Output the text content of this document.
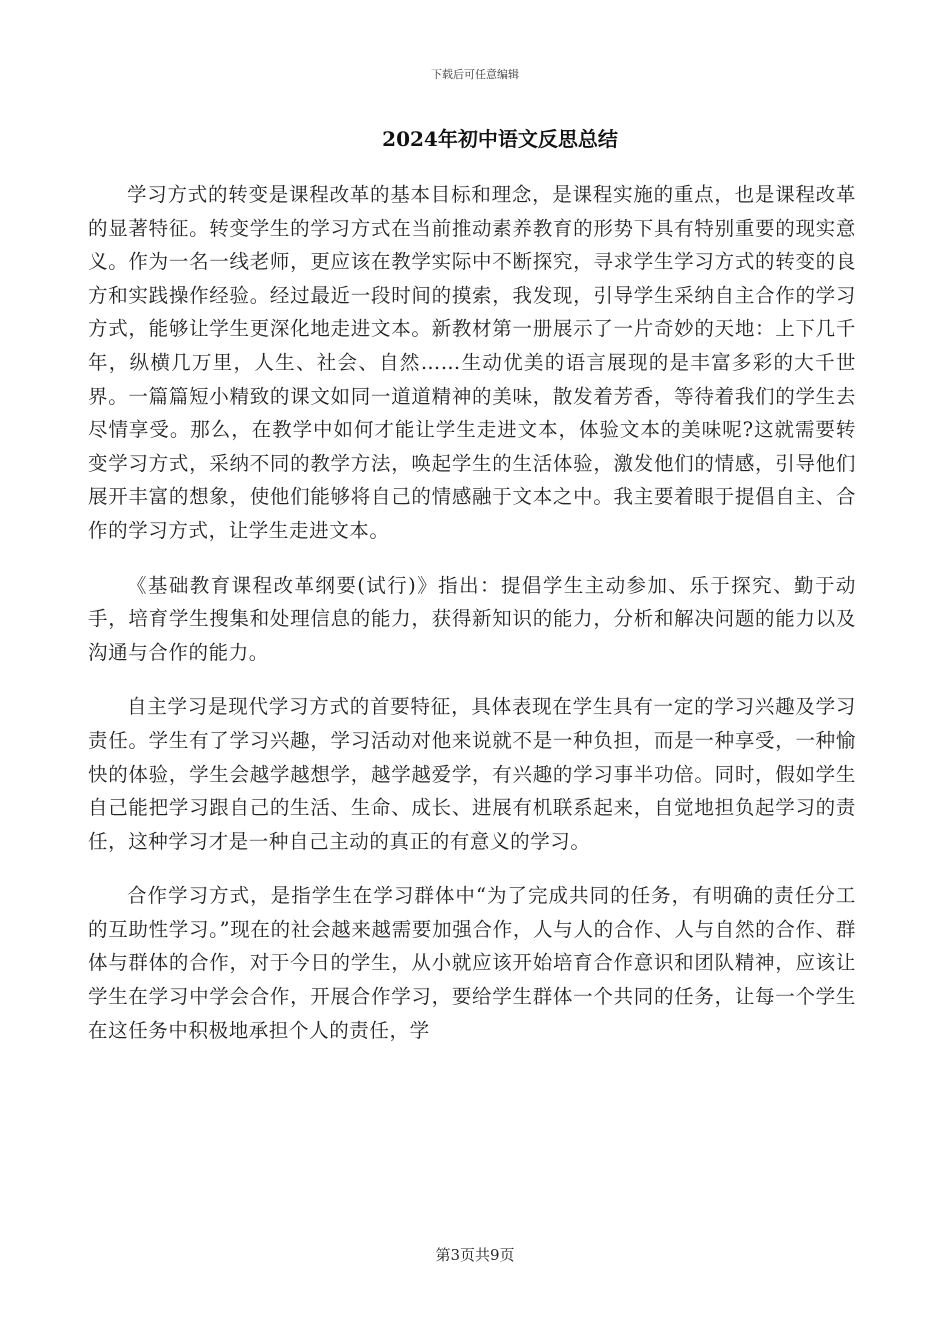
下载后可任意编辑
2024年初中语文反思总结

学习方式的转变是课程改革的基本目标和理念，是课程实施的重点，也是课程改革的显著特征。转变学生的学习方式在当前推动素养教育的形势下具有特别重要的现实意义。作为一名一线老师，更应该在教学实际中不断探究，寻求学生学习方式的转变的良方和实践操作经验。经过最近一段时间的摸索，我发现，引导学生采纳自主合作的学习方式，能够让学生更深化地走进文本。新教材第一册展示了一片奇妙的天地：上下几千年，纵横几万里，人生、社会、自然……生动优美的语言展现的是丰富多彩的大千世界。一篇篇短小精致的课文如同一道道精神的美味，散发着芳香，等待着我们的学生去尽情享受。那么，在教学中如何才能让学生走进文本，体验文本的美味呢?这就需要转变学习方式，采纳不同的教学方法，唤起学生的生活体验，激发他们的情感，引导他们展开丰富的想象，使他们能够将自己的情感融于文本之中。我主要着眼于提倡自主、合作的学习方式，让学生走进文本。

《基础教育课程改革纲要(试行)》指出：提倡学生主动参加、乐于探究、勤于动手，培育学生搜集和处理信息的能力，获得新知识的能力，分析和解决问题的能力以及沟通与合作的能力。

自主学习是现代学习方式的首要特征，具体表现在学生具有一定的学习兴趣及学习责任。学生有了学习兴趣，学习活动对他来说就不是一种负担，而是一种享受，一种愉快的体验，学生会越学越想学，越学越爱学，有兴趣的学习事半功倍。同时，假如学生自己能把学习跟自己的生活、生命、成长、进展有机联系起来，自觉地担负起学习的责任，这种学习才是一种自己主动的真正的有意义的学习。

合作学习方式，是指学生在学习群体中“为了完成共同的任务，有明确的责任分工的互助性学习。”现在的社会越来越需要加强合作，人与人的合作、人与自然的合作、群体与群体的合作，对于今日的学生，从小就应该开始培育合作意识和团队精神，应该让学生在学习中学会合作，开展合作学习，要给学生群体一个共同的任务，让每一个学生在这任务中积极地承担个人的责任，学

第3页共9页
